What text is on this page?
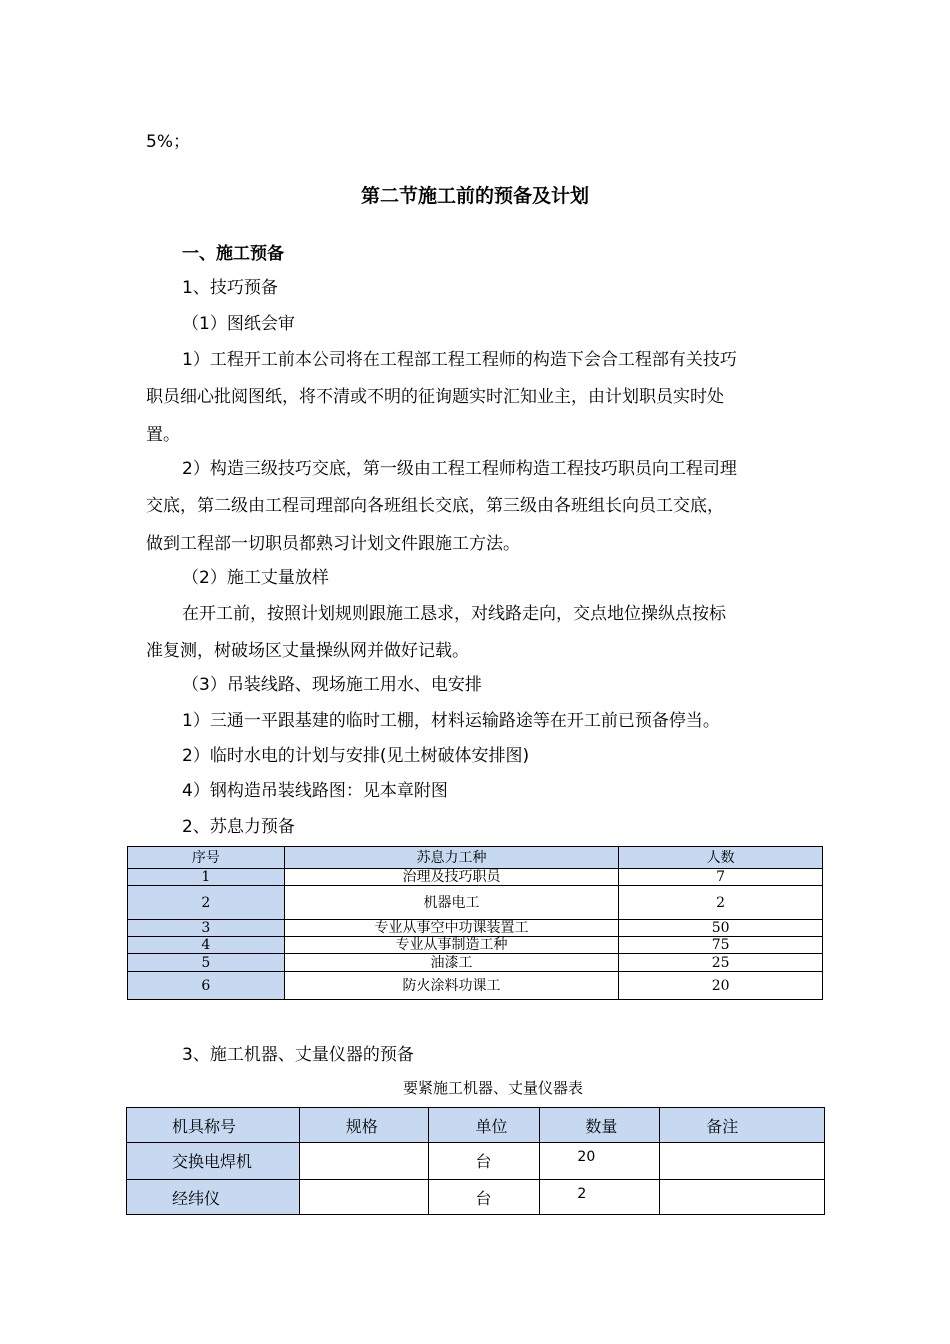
5%；
第二节施工前的预备及计划
一、施工预备
1、技巧预备
（1）图纸会审
1）工程开工前本公司将在工程部工程工程师的构造下会合工程部有关技巧
职员细心批阅图纸，将不清或不明的征询题实时汇知业主，由计划职员实时处
置。
2）构造三级技巧交底，第一级由工程工程师构造工程技巧职员向工程司理
交底，第二级由工程司理部向各班组长交底，第三级由各班组长向员工交底，
做到工程部一切职员都熟习计划文件跟施工方法。
（2）施工丈量放样
在开工前，按照计划规则跟施工恳求，对线路走向，交点地位操纵点按标
准复测，树破场区丈量操纵网并做好记载。
（3）吊装线路、现场施工用水、电安排
1）三通一平跟基建的临时工棚，材料运输路途等在开工前已预备停当。
2）临时水电的计划与安排(见土树破体安排图)
4）钢构造吊装线路图：见本章附图
2、苏息力预备
序号	苏息力工种	人数
1	治理及技巧职员	7
2	机器电工	2
3	专业从事空中功课装置工	50
4	专业从事制造工种	75
5	油漆工	25
6	防火涂料功课工	20
3、施工机器、丈量仪器的预备
要紧施工机器、丈量仪器表
机具称号	规格	单位	数量	备注
交换电焊机		台	20	
经纬仪		台	2	
